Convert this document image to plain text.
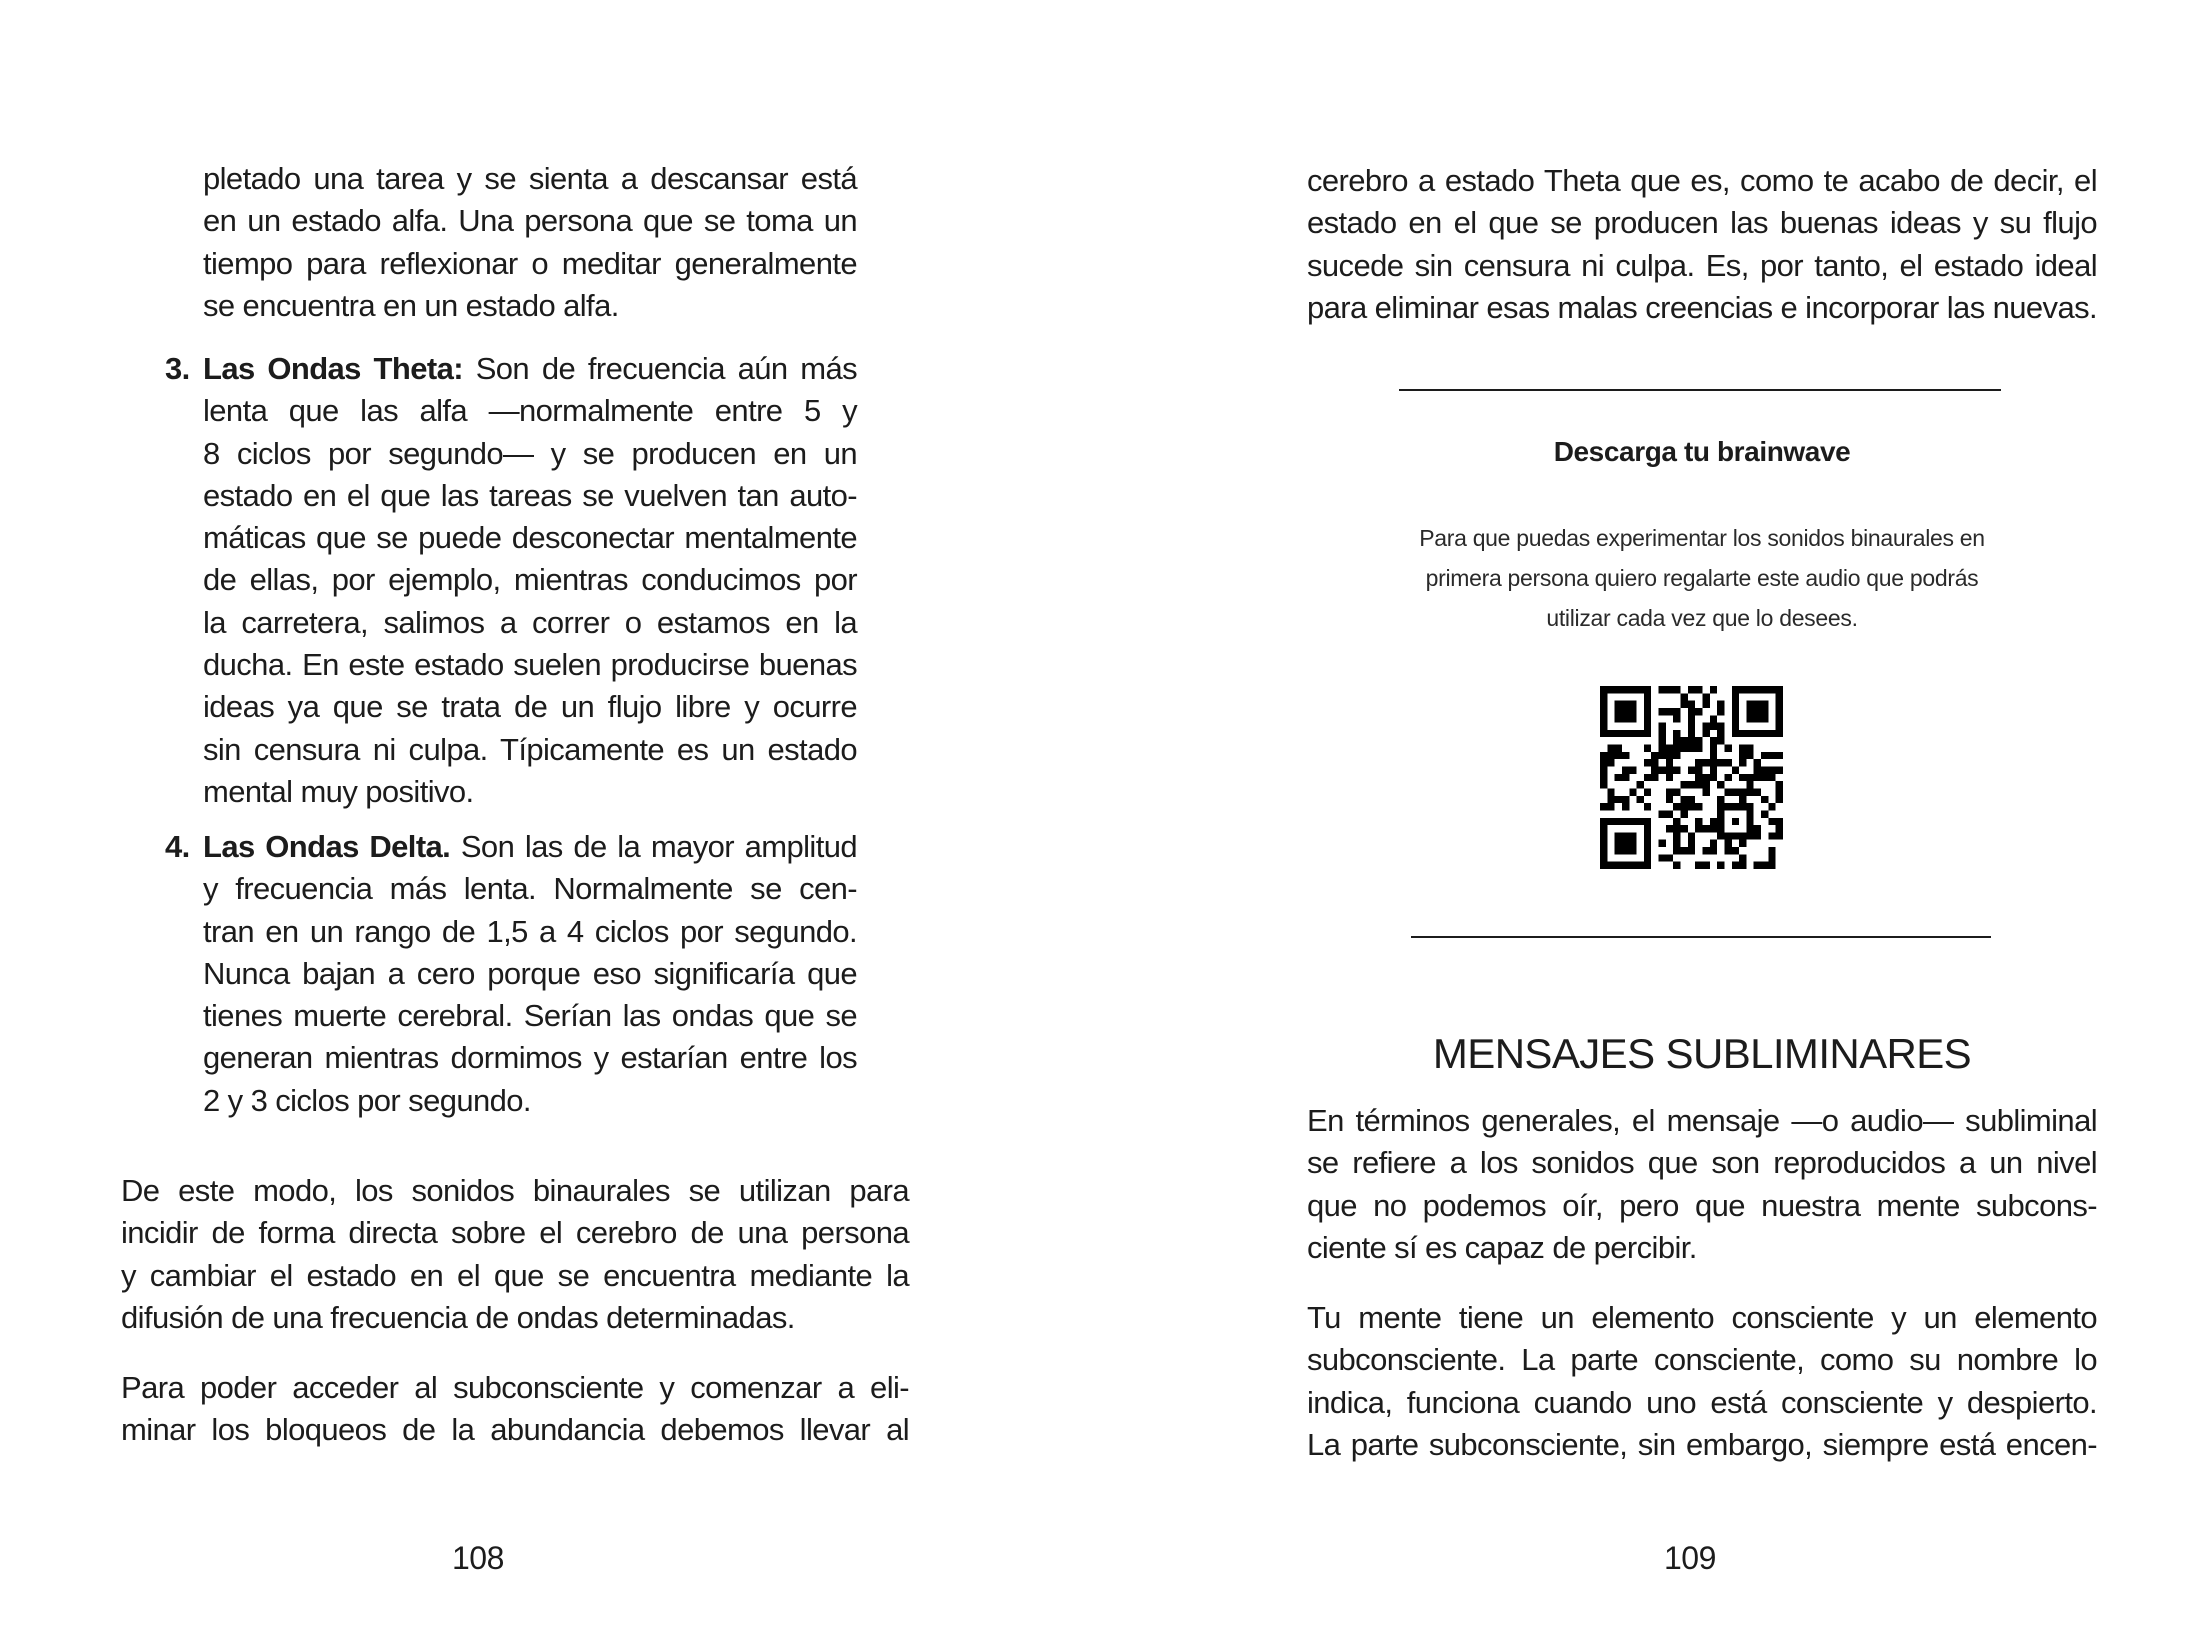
pletado una tarea y se sienta a descansar está
en un estado alfa. Una persona que se toma un
tiempo para reflexionar o meditar generalmente
se encuentra en un estado alfa.
3. Las Ondas Theta: Son de frecuencia aún más
lenta que las alfa —normalmente entre 5 y
8 ciclos por segundo— y se producen en un
estado en el que las tareas se vuelven tan auto-
máticas que se puede desconectar mentalmente
de ellas, por ejemplo, mientras conducimos por
la carretera, salimos a correr o estamos en la
ducha. En este estado suelen producirse buenas
ideas ya que se trata de un flujo libre y ocurre
sin censura ni culpa. Típicamente es un estado
mental muy positivo.
4. Las Ondas Delta. Son las de la mayor amplitud
y frecuencia más lenta. Normalmente se cen-
tran en un rango de 1,5 a 4 ciclos por segundo.
Nunca bajan a cero porque eso significaría que
tienes muerte cerebral. Serían las ondas que se
generan mientras dormimos y estarían entre los
2 y 3 ciclos por segundo.
De este modo, los sonidos binaurales se utilizan para
incidir de forma directa sobre el cerebro de una persona
y cambiar el estado en el que se encuentra mediante la
difusión de una frecuencia de ondas determinadas.
Para poder acceder al subconsciente y comenzar a eli-
minar los bloqueos de la abundancia debemos llevar al
108
cerebro a estado Theta que es, como te acabo de decir, el
estado en el que se producen las buenas ideas y su flujo
sucede sin censura ni culpa. Es, por tanto, el estado ideal
para eliminar esas malas creencias e incorporar las nuevas.
Descarga tu brainwave
Para que puedas experimentar los sonidos binaurales en
primera persona quiero regalarte este audio que podrás
utilizar cada vez que lo desees.
MENSAJES SUBLIMINARES
En términos generales, el mensaje —o audio— subliminal
se refiere a los sonidos que son reproducidos a un nivel
que no podemos oír, pero que nuestra mente subcons-
ciente sí es capaz de percibir.
Tu mente tiene un elemento consciente y un elemento
subconsciente. La parte consciente, como su nombre lo
indica, funciona cuando uno está consciente y despierto.
La parte subconsciente, sin embargo, siempre está encen-
109
